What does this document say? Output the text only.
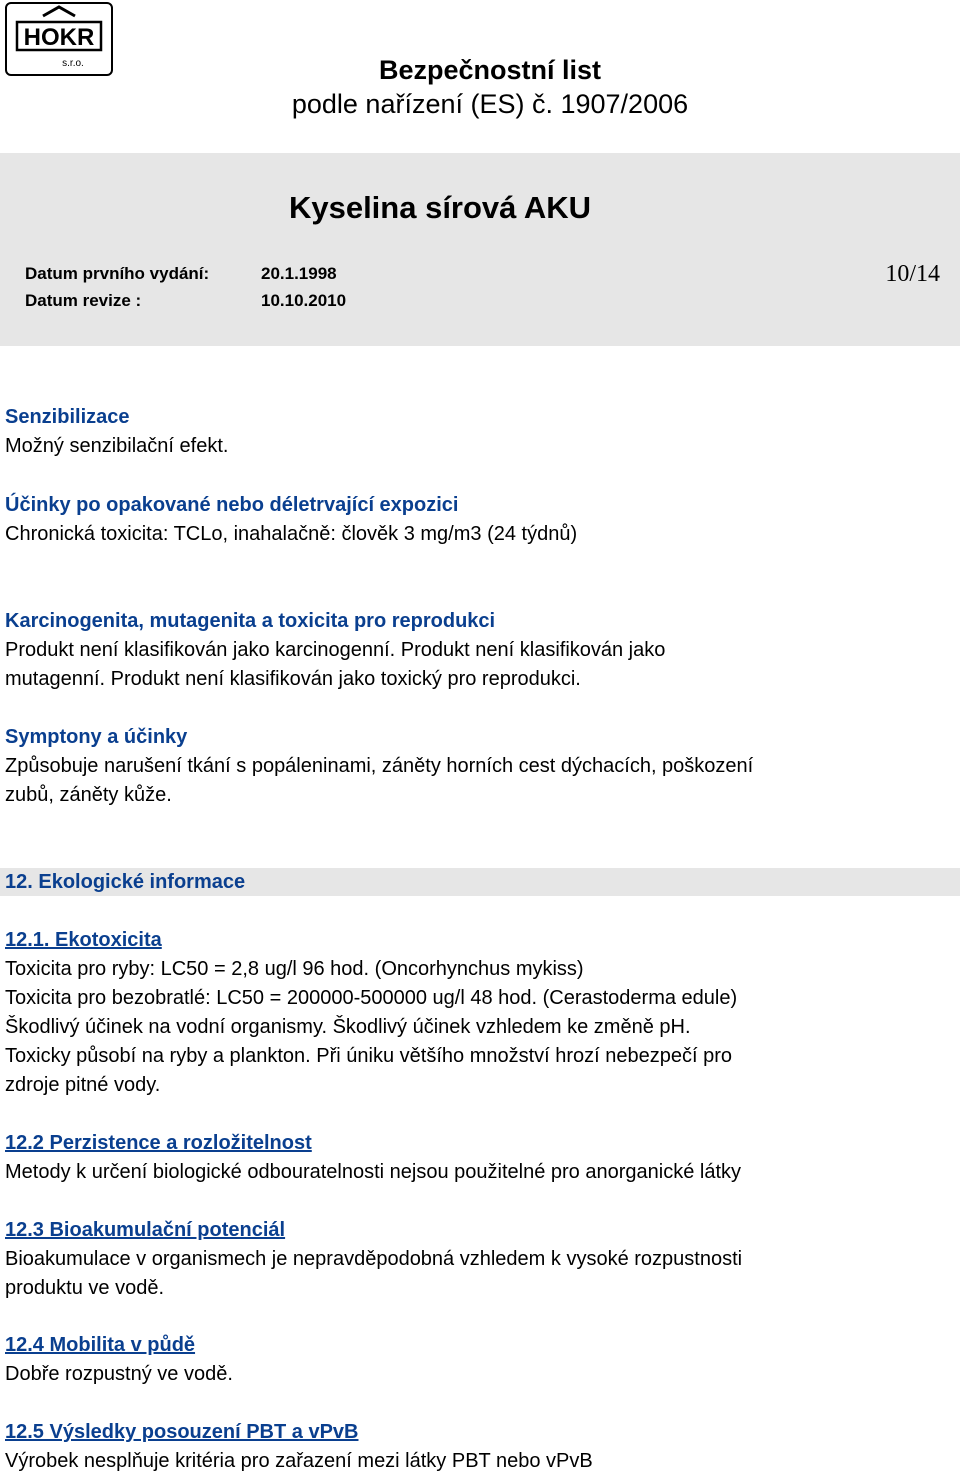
HOKR
s.r.o.	Bezpečnostní list
podle nařízení (ES) č. 1907/2006
Kyselina sírová AKU
Datum prvního vydání:	20.1.1998
Datum revize :	10.10.2010
10/14
Senzibilizace
Možný senzibilační efekt.
Účinky po opakované nebo déletrvající expozici
Chronická toxicita: TCLo, inahalačně: člověk 3 mg/m3 (24 týdnů)
Karcinogenita, mutagenita a toxicita pro reprodukci
Produkt není klasifikován jako karcinogenní. Produkt není klasifikován jako
mutagenní. Produkt není klasifikován jako toxický pro reprodukci.
Symptony a účinky
Způsobuje narušení tkání s popáleninami, záněty horních cest dýchacích, poškození
zubů, záněty kůže.
12. Ekologické informace
12.1. Ekotoxicita
Toxicita pro ryby: LC50 = 2,8 ug/l 96 hod. (Oncorhynchus mykiss)
Toxicita pro bezobratlé: LC50 = 200000-500000 ug/l 48 hod. (Cerastoderma edule)
Škodlivý účinek na vodní organismy. Škodlivý účinek vzhledem ke změně pH.
Toxicky působí na ryby a plankton. Při úniku většího množství hrozí nebezpečí pro
zdroje pitné vody.
12.2 Perzistence a rozložitelnost
Metody k určení biologické odbouratelnosti nejsou použitelné pro anorganické látky
12.3 Bioakumulační potenciál
Bioakumulace v organismech je nepravděpodobná vzhledem k vysoké rozpustnosti
produktu ve vodě.
12.4 Mobilita v půdě
Dobře rozpustný ve vodě.
12.5 Výsledky posouzení PBT a vPvB
Výrobek nesplňuje kritéria pro zařazení mezi látky PBT nebo vPvB
